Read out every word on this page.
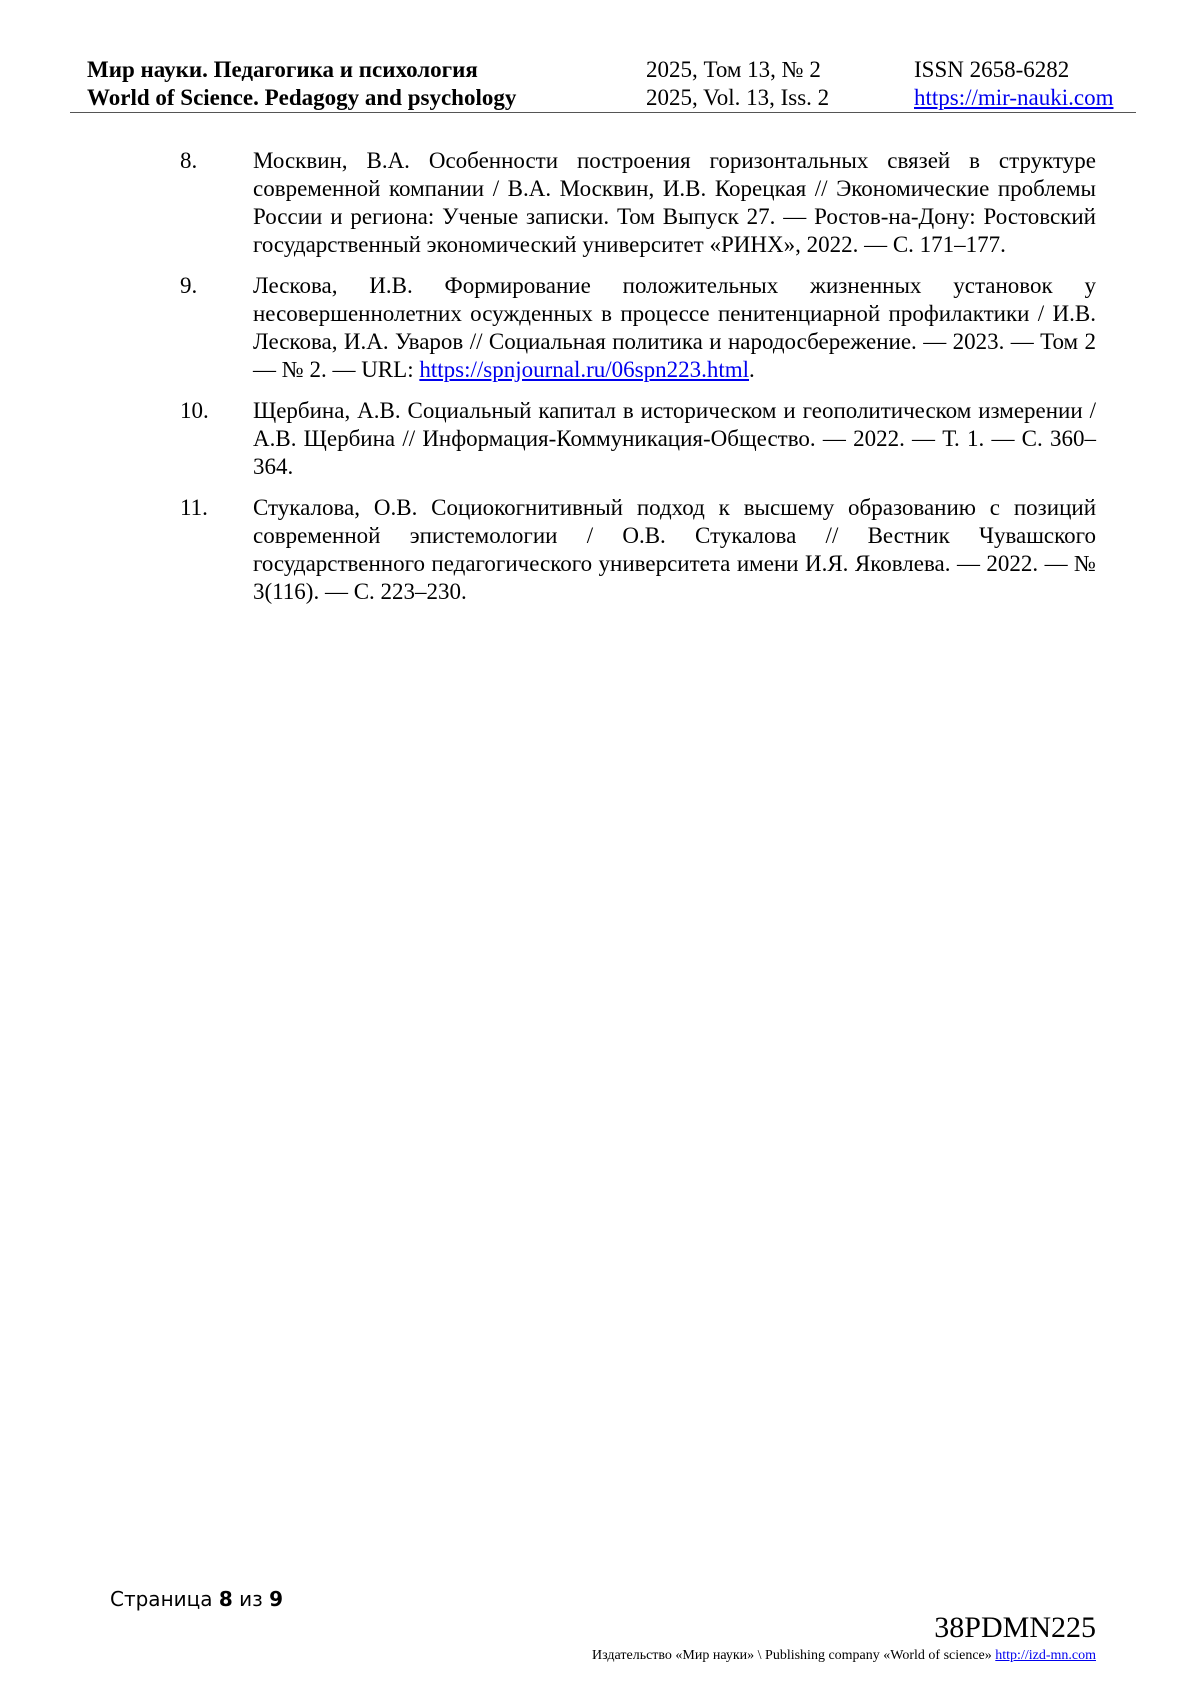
Мир науки. Педагогика и психология
World of Science. Pedagogy and psychology
2025, Том 13, № 2
2025, Vol. 13, Iss. 2
ISSN 2658-6282
https://mir-nauki.com
8. Москвин, В.А. Особенности построения горизонтальных связей в структуре современной компании / В.А. Москвин, И.В. Корецкая // Экономические проблемы России и региона: Ученые записки. Том Выпуск 27. — Ростов-на-Дону: Ростовский государственный экономический университет «РИНХ», 2022. — С. 171–177.
9. Лескова, И.В. Формирование положительных жизненных установок у несовершеннолетних осужденных в процессе пенитенциарной профилактики / И.В. Лескова, И.А. Уваров // Социальная политика и народосбережение. — 2023. — Том 2 — № 2. — URL: https://spnjournal.ru/06spn223.html.
10. Щербина, А.В. Социальный капитал в историческом и геополитическом измерении / А.В. Щербина // Информация-Коммуникация-Общество. — 2022. — Т. 1. — С. 360–364.
11. Стукалова, О.В. Социокогнитивный подход к высшему образованию с позиций современной эпистемологии / О.В. Стукалова // Вестник Чувашского государственного педагогического университета имени И.Я. Яковлева. — 2022. — № 3(116). — С. 223–230.
Страница 8 из 9
38PDMN225
Издательство «Мир науки» \ Publishing company «World of science» http://izd-mn.com
